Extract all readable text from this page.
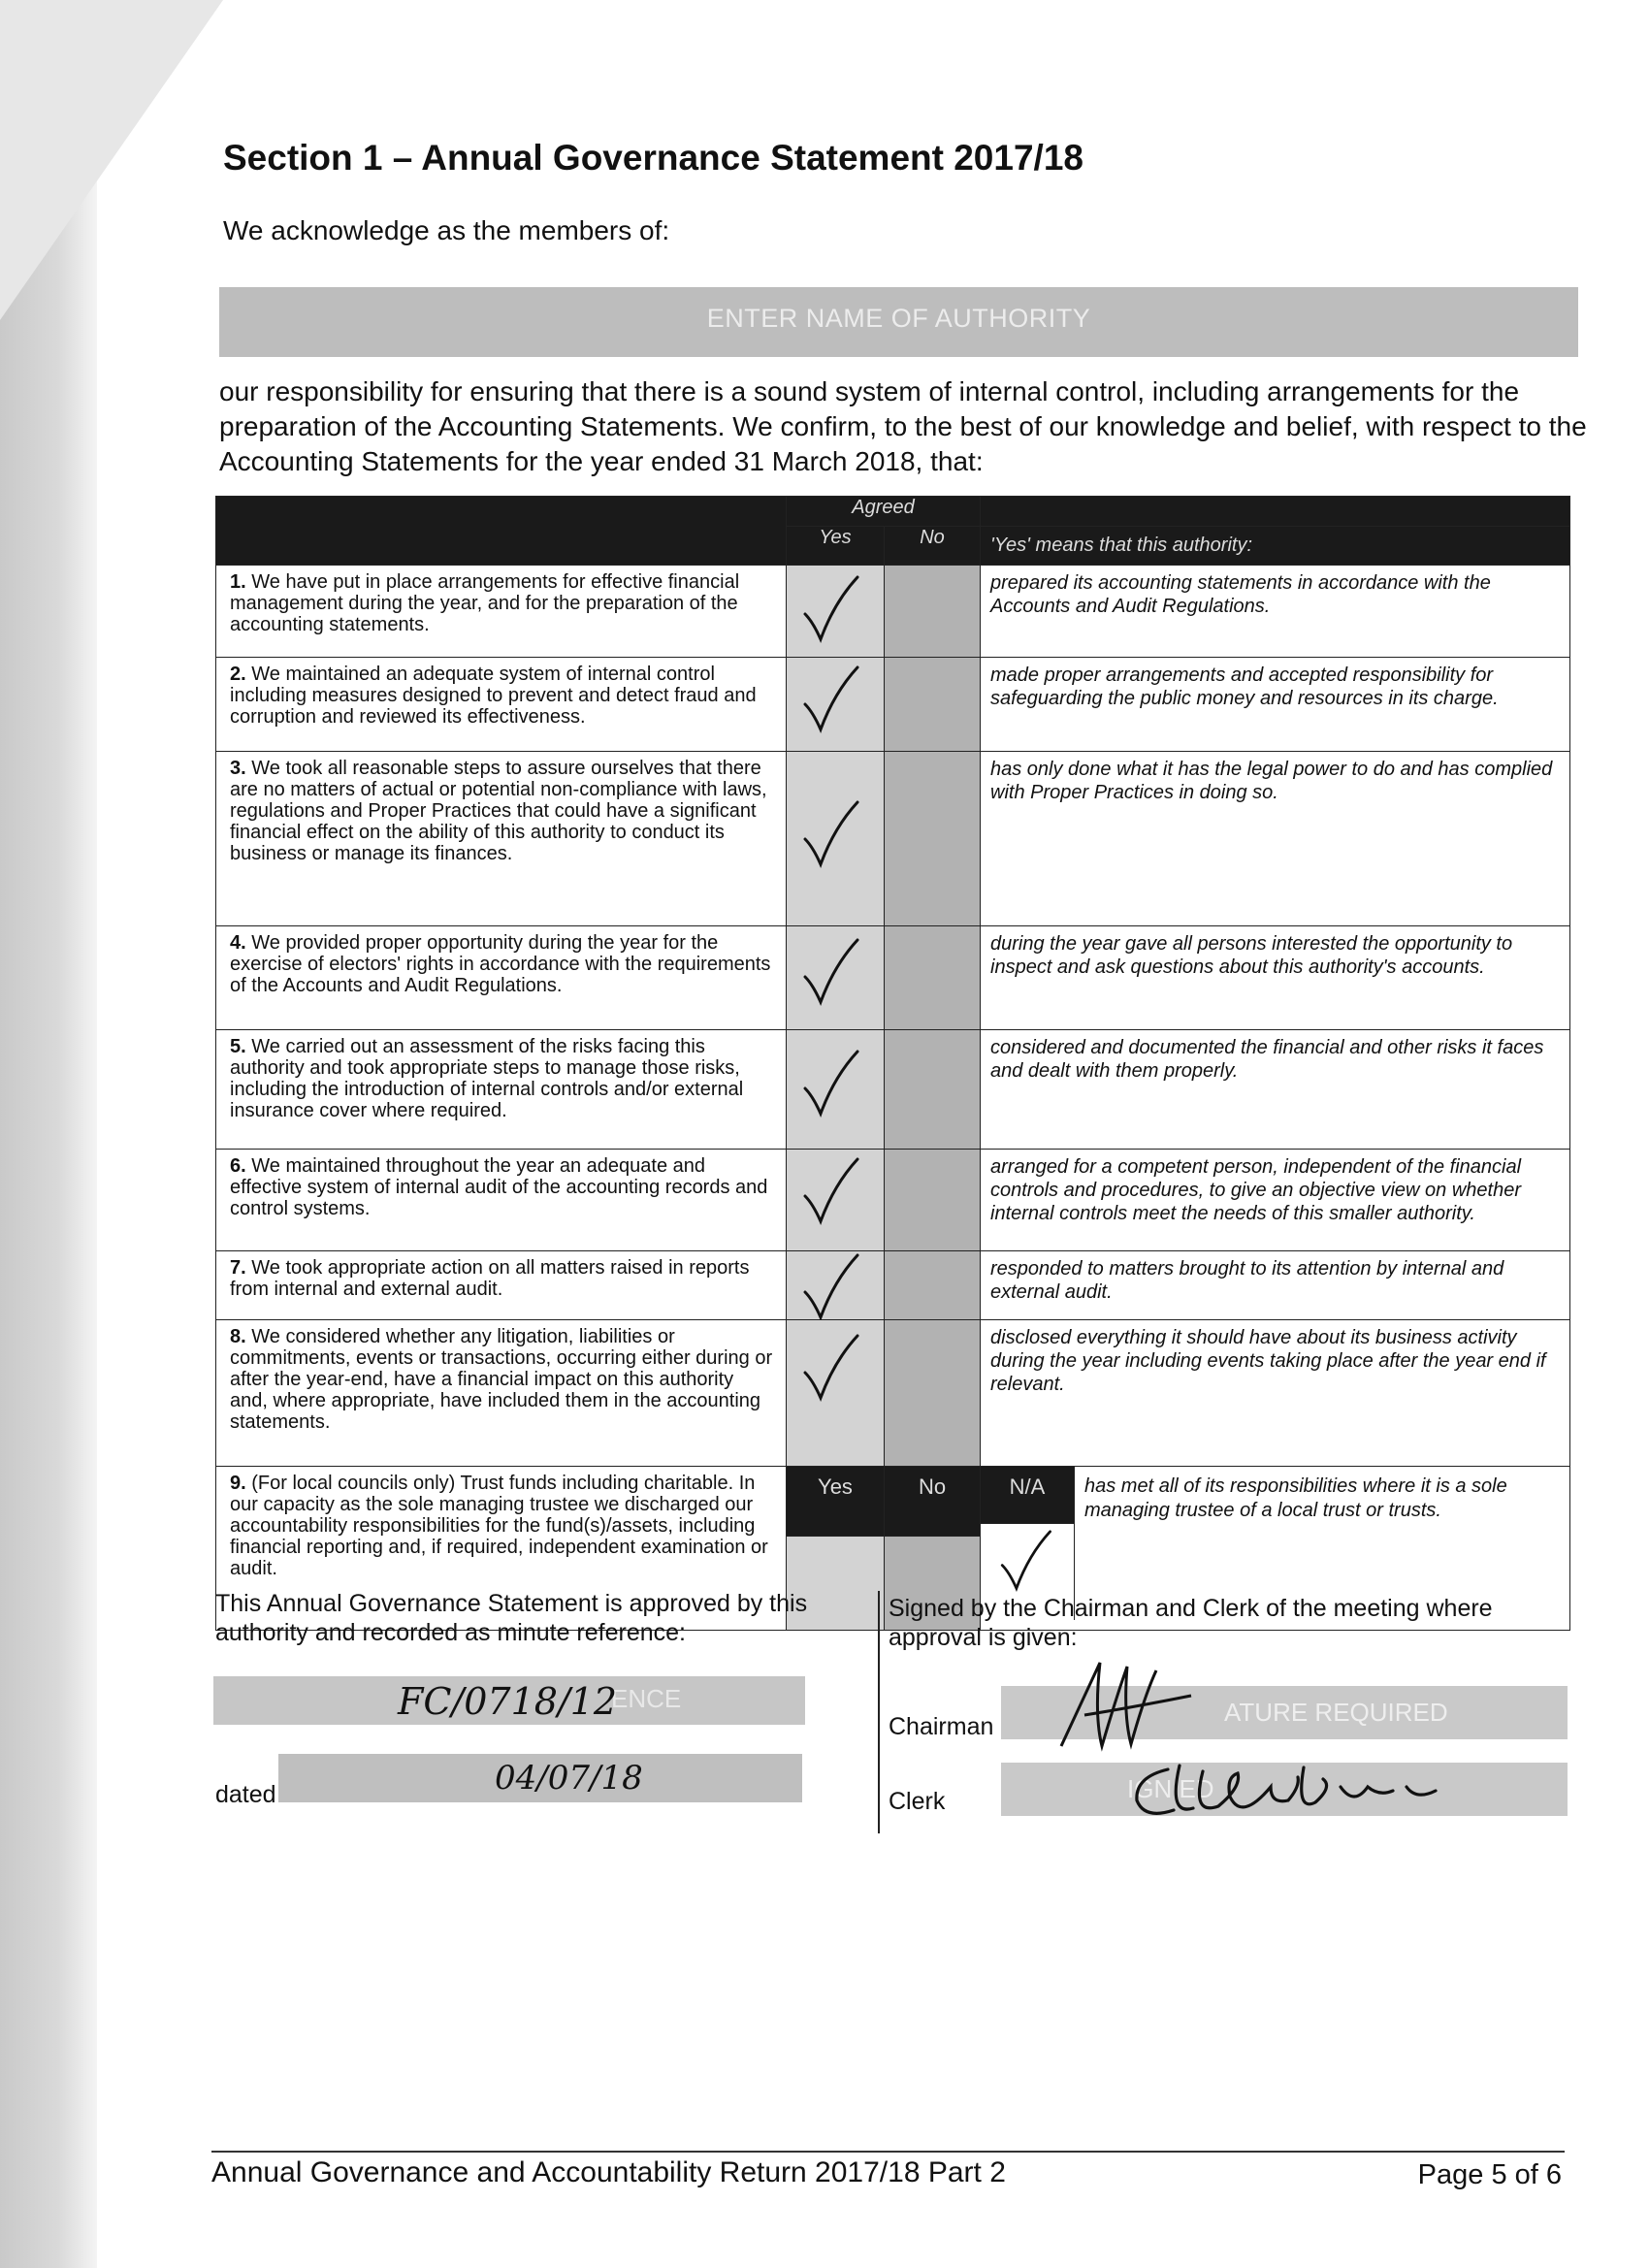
Section 1 – Annual Governance Statement 2017/18
We acknowledge as the members of:
ENTER NAME OF AUTHORITY
our responsibility for ensuring that there is a sound system of internal control, including arrangements for the preparation of the Accounting Statements. We confirm, to the best of our knowledge and belief, with respect to the Accounting Statements for the year ended 31 March 2018, that:
	Agreed		
	Yes	No	'Yes' means that this authority:
1. We have put in place arrangements for effective financial management during the year, and for the preparation of the accounting statements.			prepared its accounting statements in accordance with the Accounts and Audit Regulations.
2. We maintained an adequate system of internal control including measures designed to prevent and detect fraud and corruption and reviewed its effectiveness.			made proper arrangements and accepted responsibility for safeguarding the public money and resources in its charge.
3. We took all reasonable steps to assure ourselves that there are no matters of actual or potential non-compliance with laws, regulations and Proper Practices that could have a significant financial effect on the ability of this authority to conduct its business or manage its finances.			has only done what it has the legal power to do and has complied with Proper Practices in doing so.
4. We provided proper opportunity during the year for the exercise of electors' rights in accordance with the requirements of the Accounts and Audit Regulations.			during the year gave all persons interested the opportunity to inspect and ask questions about this authority's accounts.
5. We carried out an assessment of the risks facing this authority and took appropriate steps to manage those risks, including the introduction of internal controls and/or external insurance cover where required.			considered and documented the financial and other risks it faces and dealt with them properly.
6. We maintained throughout the year an adequate and effective system of internal audit of the accounting records and control systems.			arranged for a competent person, independent of the financial controls and procedures, to give an objective view on whether internal controls meet the needs of this smaller authority.
7. We took appropriate action on all matters raised in reports from internal and external audit.			responded to matters brought to its attention by internal and external audit.
8. We considered whether any litigation, liabilities or commitments, events or transactions, occurring either during or after the year-end, have a financial impact on this authority and, where appropriate, have included them in the accounting statements.			disclosed everything it should have about its business activity during the year including events taking place after the year end if relevant.
9. (For local councils only) Trust funds including charitable. In our capacity as the sole managing trustee we discharged our accountability responsibilities for the fund(s)/assets, including financial reporting and, if required, independent examination or audit.	Yes	No	N/A has met all of its responsibilities where it is a sole managing trustee of a local trust or trusts.

This Annual Governance Statement is approved by this authority and recorded as minute reference:
Signed by the Chairman and Clerk of the meeting where approval is given:
ENCE
FC/0718/12
dated	04/07/18
Chairman	ATURE REQUIRED
Clerk	IGN ED
Annual Governance and Accountability Return 2017/18 Part 2	Page 5 of 6
